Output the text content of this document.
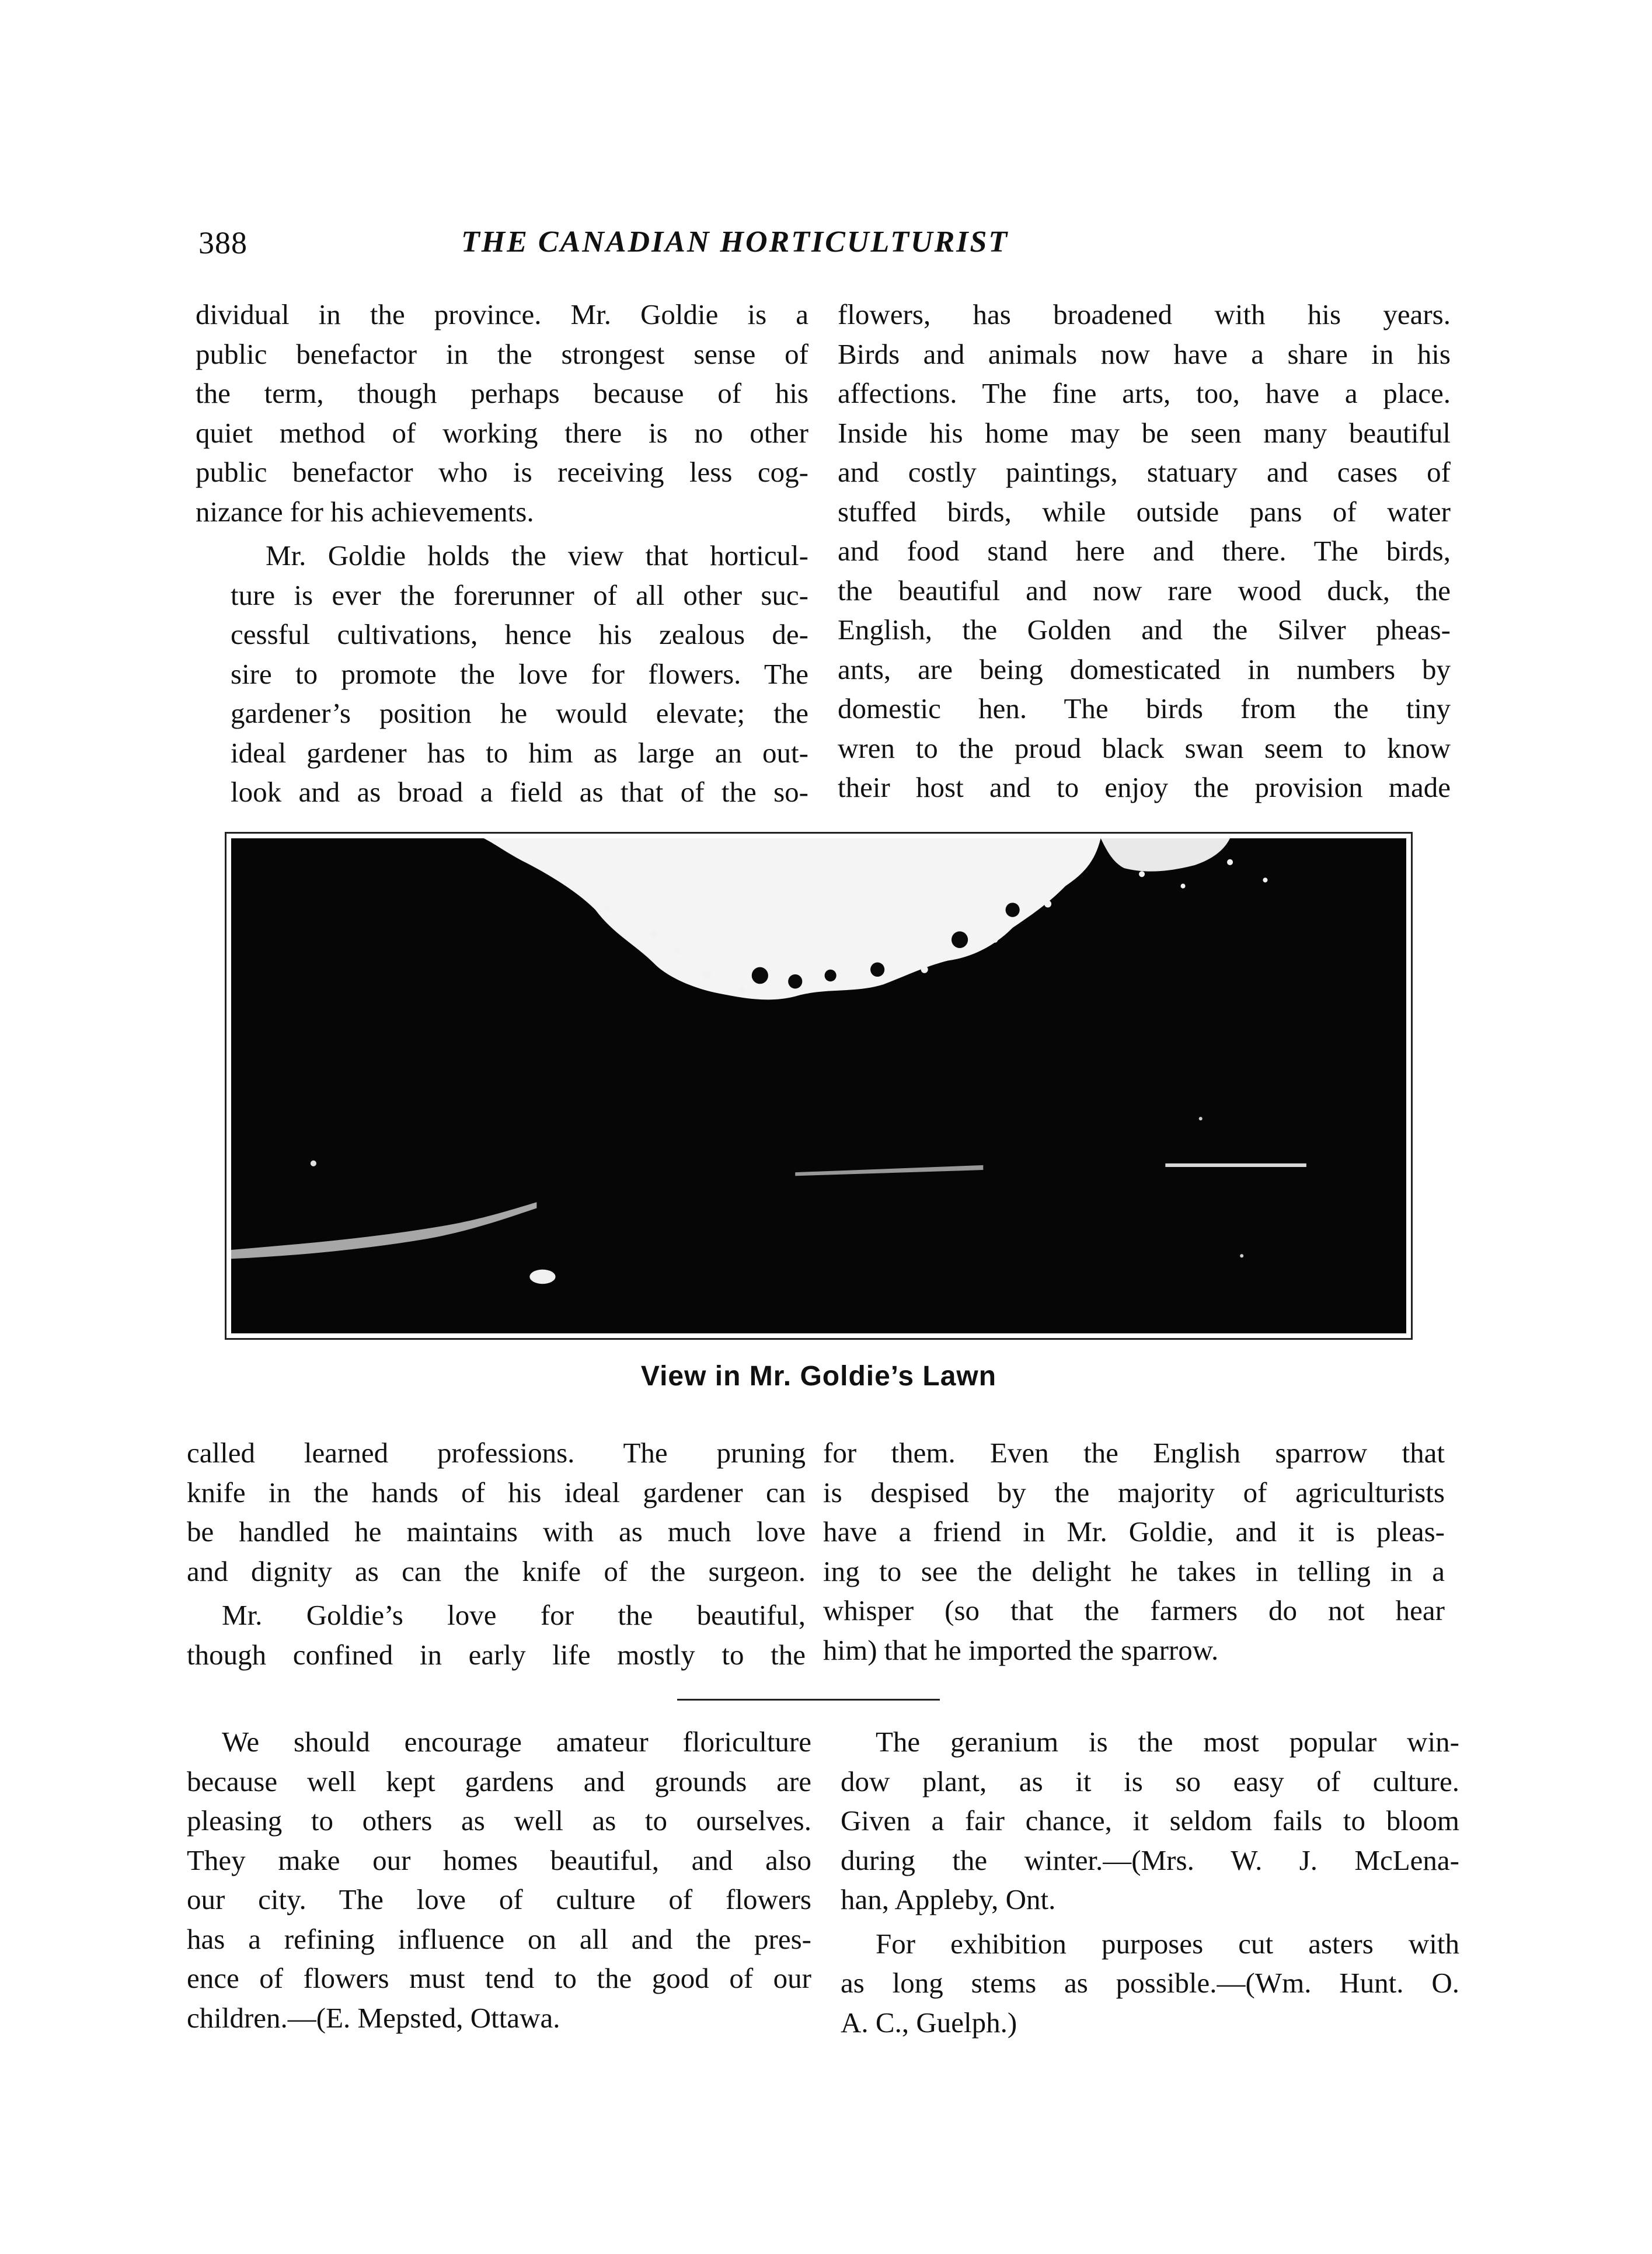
388	THE CANADIAN HORTICULTURIST

dividual in the province. Mr. Goldie is a
public benefactor in the strongest sense of
the term, though perhaps because of his
quiet method of working there is no other
public benefactor who is receiving less cog-
nizance for his achievements.

Mr. Goldie holds the view that horticul-
ture is ever the forerunner of all other suc-
cessful cultivations, hence his zealous de-
sire to promote the love for flowers. The
gardener’s position he would elevate; the
ideal gardener has to him as large an out-
look and as broad a field as that of the so-

flowers, has broadened with his years.
Birds and animals now have a share in his
affections. The fine arts, too, have a place.
Inside his home may be seen many beautiful
and costly paintings, statuary and cases of
stuffed birds, while outside pans of water
and food stand here and there. The birds,
the beautiful and now rare wood duck, the
English, the Golden and the Silver pheas-
ants, are being domesticated in numbers by
domestic hen. The birds from the tiny
wren to the proud black swan seem to know
their host and to enjoy the provision made

View in Mr. Goldie’s Lawn

called learned professions. The pruning
knife in the hands of his ideal gardener can
be handled he maintains with as much love
and dignity as can the knife of the surgeon.

Mr. Goldie’s love for the beautiful,
though confined in early life mostly to the

for them. Even the English sparrow that
is despised by the majority of agriculturists
have a friend in Mr. Goldie, and it is pleas-
ing to see the delight he takes in telling in a
whisper (so that the farmers do not hear
him) that he imported the sparrow.

We should encourage amateur floriculture
because well kept gardens and grounds are
pleasing to others as well as to ourselves.
They make our homes beautiful, and also
our city. The love of culture of flowers
has a refining influence on all and the pres-
ence of flowers must tend to the good of our
children.—(E. Mepsted, Ottawa.

The geranium is the most popular win-
dow plant, as it is so easy of culture.
Given a fair chance, it seldom fails to bloom
during the winter.—(Mrs. W. J. McLena-
han, Appleby, Ont.

For exhibition purposes cut asters with
as long stems as possible.—(Wm. Hunt. O.
A. C., Guelph.)
